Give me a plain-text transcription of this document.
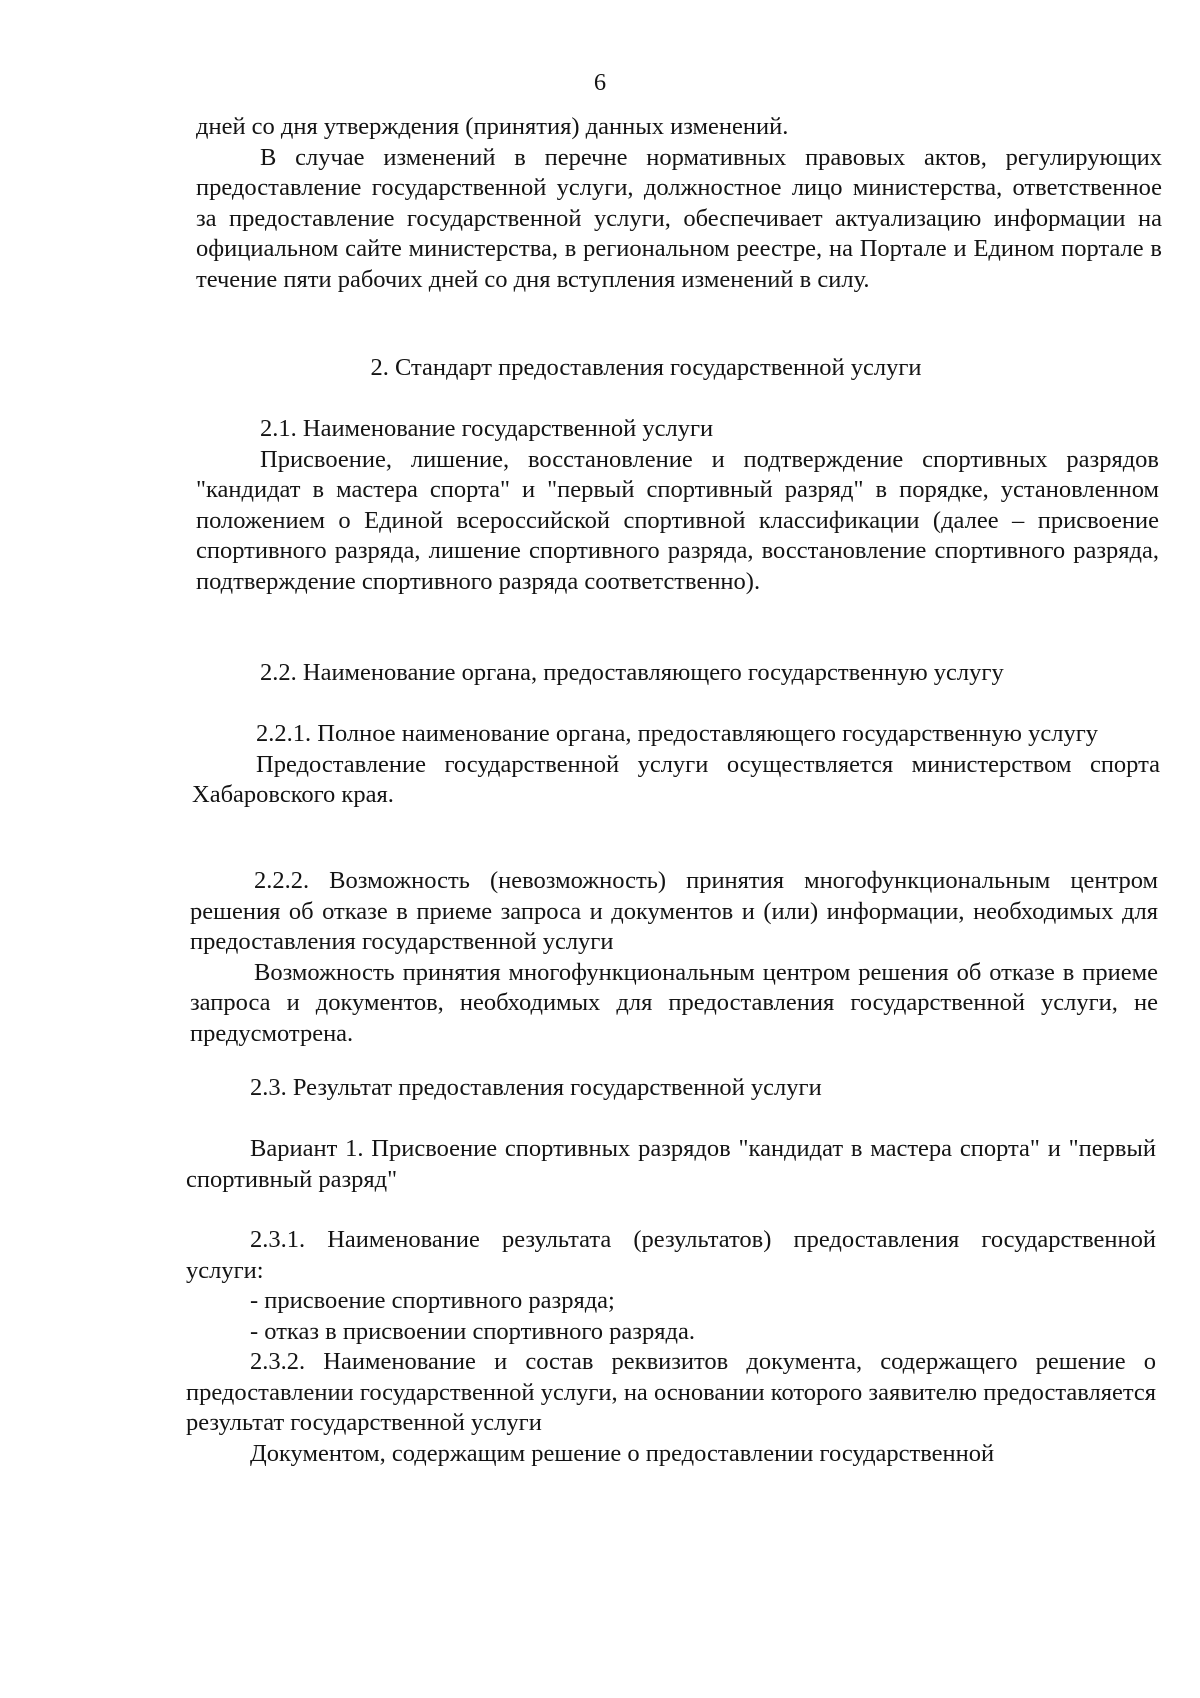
6

дней со дня утверждения (принятия) данных изменений.

В случае изменений в перечне нормативных правовых актов, регулирующих предоставление государственной услуги, должностное лицо министерства, ответственное за предоставление государственной услуги, обеспечивает актуализацию информации на официальном сайте министерства, в региональном реестре, на Портале и Едином портале в течение пяти рабочих дней со дня вступления изменений в силу.

2. Стандарт предоставления государственной услуги

2.1. Наименование государственной услуги

Присвоение, лишение, восстановление и подтверждение спортивных разрядов "кандидат в мастера спорта" и "первый спортивный разряд" в порядке, установленном положением о Единой всероссийской спортивной классификации (далее – присвоение спортивного разряда, лишение спортивного разряда, восстановление спортивного разряда, подтверждение спортивного разряда соответственно).

2.2. Наименование органа, предоставляющего государственную услугу

2.2.1. Полное наименование органа, предоставляющего государственную услугу

Предоставление государственной услуги осуществляется министерством спорта Хабаровского края.

2.2.2. Возможность (невозможность) принятия многофункциональным центром решения об отказе в приеме запроса и документов и (или) информации, необходимых для предоставления государственной услуги

Возможность принятия многофункциональным центром решения об отказе в приеме запроса и документов, необходимых для предоставления государственной услуги, не предусмотрена.

2.3. Результат предоставления государственной услуги

Вариант 1. Присвоение спортивных разрядов "кандидат в мастера спорта" и "первый спортивный разряд"

2.3.1. Наименование результата (результатов) предоставления государственной услуги:

- присвоение спортивного разряда;

- отказ в присвоении спортивного разряда.

2.3.2. Наименование и состав реквизитов документа, содержащего решение о предоставлении государственной услуги, на основании которого заявителю предоставляется результат государственной услуги

Документом, содержащим решение о предоставлении государственной
